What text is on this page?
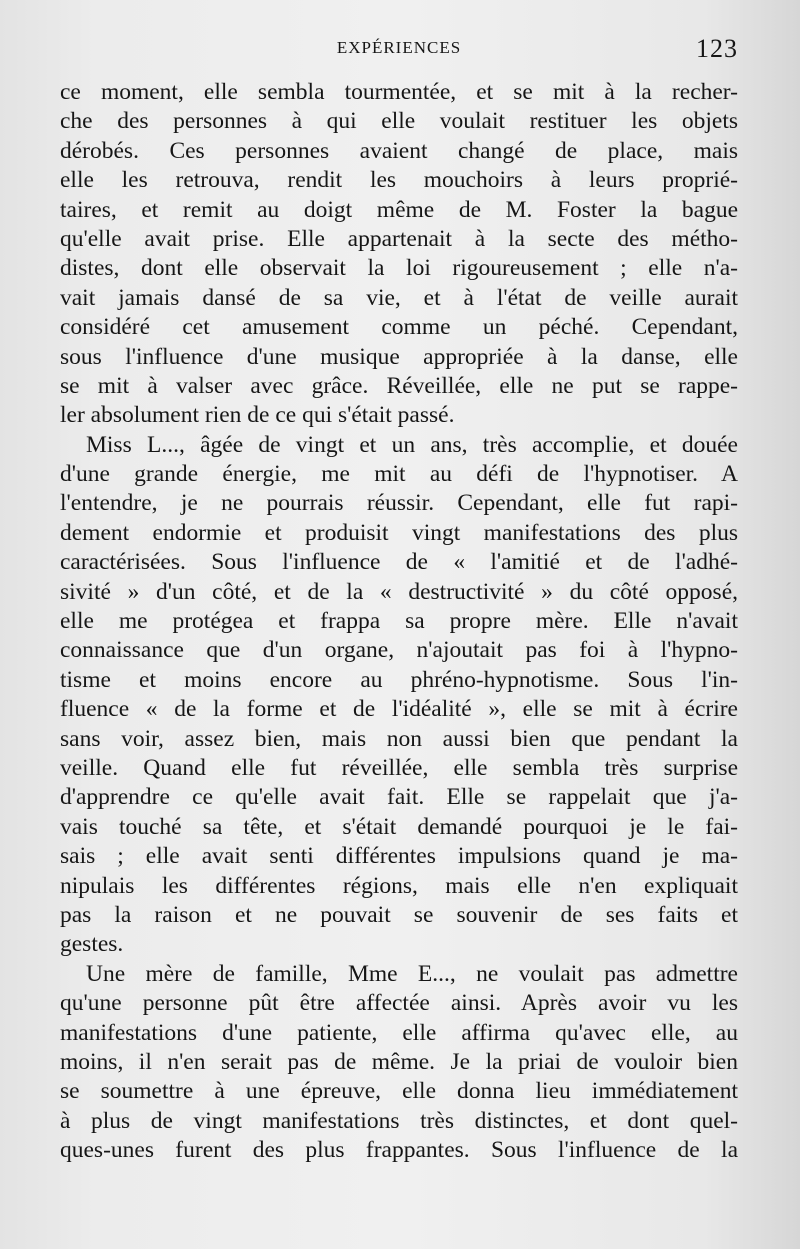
EXPÉRIENCES	123
ce moment, elle sembla tourmentée, et se mit à la recher-
che des personnes à qui elle voulait restituer les objets
dérobés. Ces personnes avaient changé de place, mais
elle les retrouva, rendit les mouchoirs à leurs proprié-
taires, et remit au doigt même de M. Foster la bague
qu'elle avait prise. Elle appartenait à la secte des métho-
distes, dont elle observait la loi rigoureusement ; elle n'a-
vait jamais dansé de sa vie, et à l'état de veille aurait
considéré cet amusement comme un péché. Cependant,
sous l'influence d'une musique appropriée à la danse, elle
se mit à valser avec grâce. Réveillée, elle ne put se rappe-
ler absolument rien de ce qui s'était passé.
Miss L..., âgée de vingt et un ans, très accomplie, et douée
d'une grande énergie, me mit au défi de l'hypnotiser. A
l'entendre, je ne pourrais réussir. Cependant, elle fut rapi-
dement endormie et produisit vingt manifestations des plus
caractérisées. Sous l'influence de « l'amitié et de l'adhé-
sivité » d'un côté, et de la « destructivité » du côté opposé,
elle me protégea et frappa sa propre mère. Elle n'avait
connaissance que d'un organe, n'ajoutait pas foi à l'hypno-
tisme et moins encore au phréno-hypnotisme. Sous l'in-
fluence « de la forme et de l'idéalité », elle se mit à écrire
sans voir, assez bien, mais non aussi bien que pendant la
veille. Quand elle fut réveillée, elle sembla très surprise
d'apprendre ce qu'elle avait fait. Elle se rappelait que j'a-
vais touché sa tête, et s'était demandé pourquoi je le fai-
sais ; elle avait senti différentes impulsions quand je ma-
nipulais les différentes régions, mais elle n'en expliquait
pas la raison et ne pouvait se souvenir de ses faits et
gestes.
Une mère de famille, Mme E..., ne voulait pas admettre
qu'une personne pût être affectée ainsi. Après avoir vu les
manifestations d'une patiente, elle affirma qu'avec elle, au
moins, il n'en serait pas de même. Je la priai de vouloir bien
se soumettre à une épreuve, elle donna lieu immédiatement
à plus de vingt manifestations très distinctes, et dont quel-
ques-unes furent des plus frappantes. Sous l'influence de la
